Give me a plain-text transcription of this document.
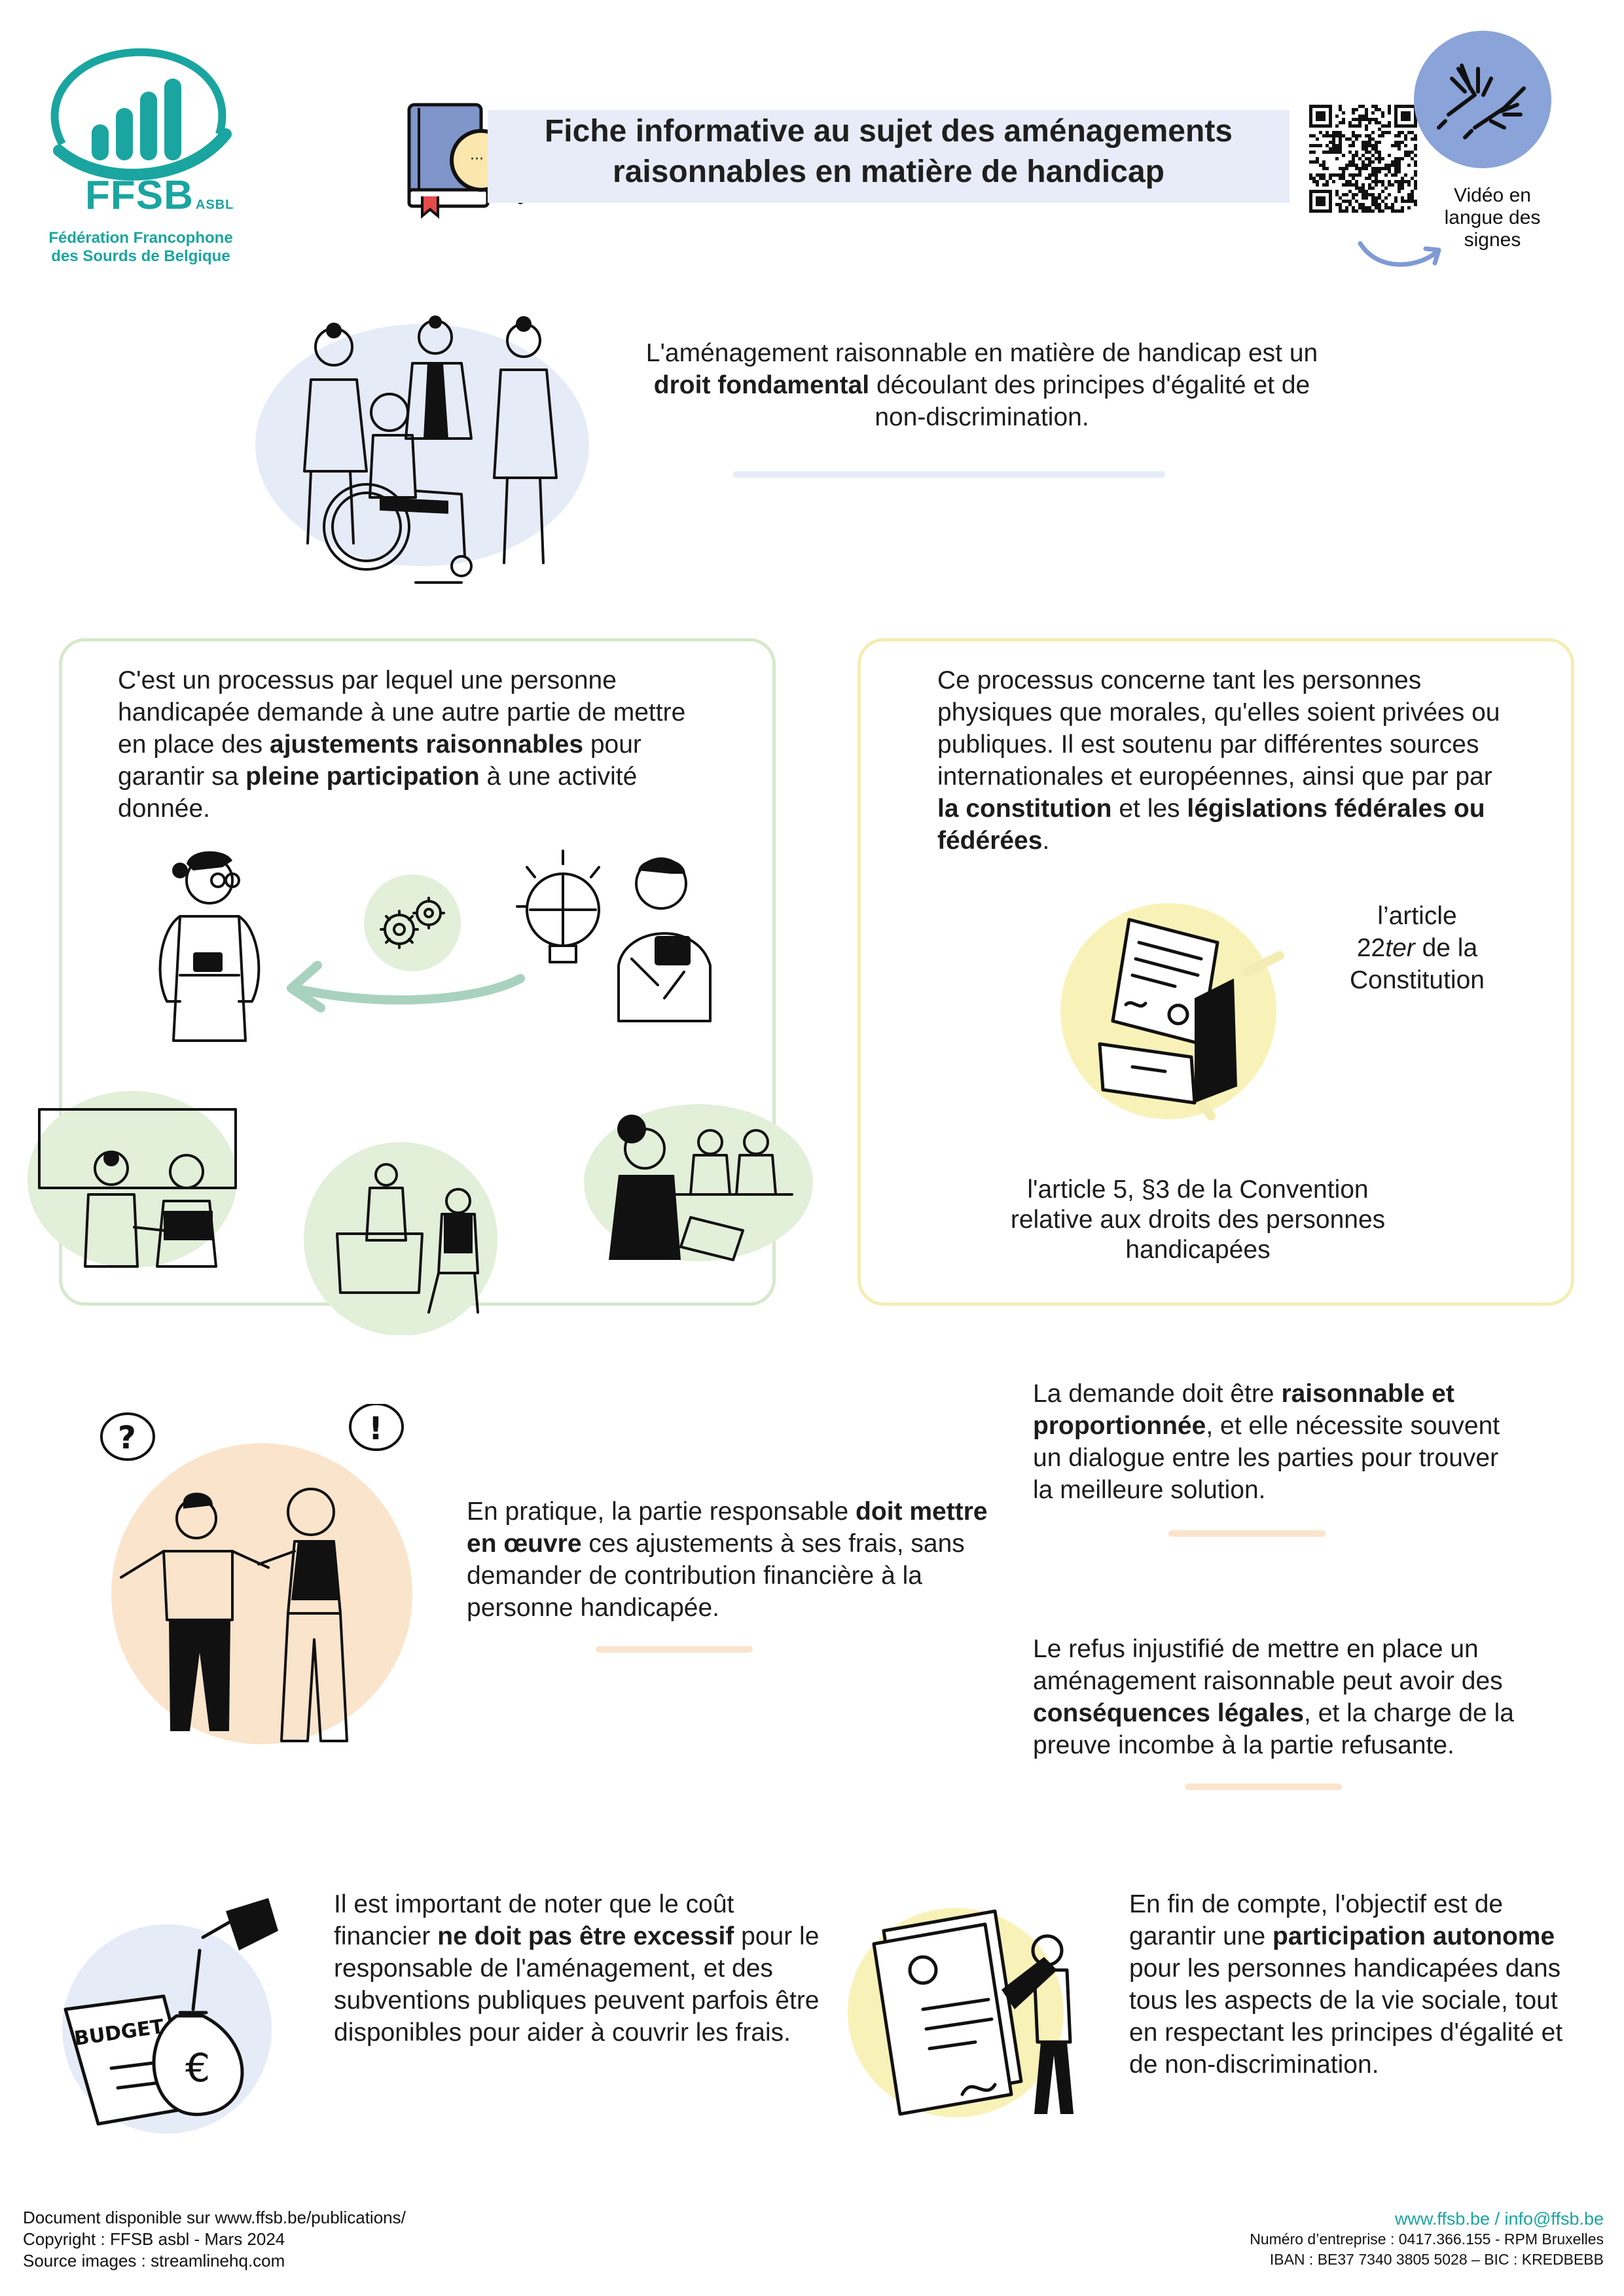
FFSB ASBL
Fédération Francophone
des Sourds de Belgique
···
Fiche informative au sujet des aménagements
raisonnables en matière de handicap
Vidéo en
langue des
signes
L'aménagement raisonnable en matière de handicap est un droit fondamental découlant des principes d'égalité et de non-discrimination.
C'est un processus par lequel une personne handicapée demande à une autre partie de mettre en place des ajustements raisonnables pour garantir sa pleine participation à une activité donnée.
Ce processus concerne tant les personnes physiques que morales, qu'elles soient privées ou publiques. Il est soutenu par différentes sources internationales et européennes, ainsi que par par la constitution et les législations fédérales ou fédérées.
l’article
22ter de la
Constitution
l'article 5, §3 de la Convention relative aux droits des personnes handicapées
?	!
En pratique, la partie responsable doit mettre en œuvre ces ajustements à ses frais, sans demander de contribution financière à la personne handicapée.
La demande doit être raisonnable et proportionnée, et elle nécessite souvent un dialogue entre les parties pour trouver la meilleure solution.
Le refus injustifié de mettre en place un aménagement raisonnable peut avoir des conséquences légales, et la charge de la preuve incombe à la partie refusante.
BUDGET
€
Il est important de noter que le coût financier ne doit pas être excessif pour le responsable de l'aménagement, et des subventions publiques peuvent parfois être disponibles pour aider à couvrir les frais.
En fin de compte, l'objectif est de garantir une participation autonome pour les personnes handicapées dans tous les aspects de la vie sociale, tout en respectant les principes d'égalité et de non-discrimination.
Document disponible sur www.ffsb.be/publications/
Copyright : FFSB asbl - Mars 2024
Source images : streamlinehq.com
www.ffsb.be / info@ffsb.be
Numéro d’entreprise : 0417.366.155 - RPM Bruxelles
IBAN : BE37 7340 3805 5028 – BIC : KREDBEBB
